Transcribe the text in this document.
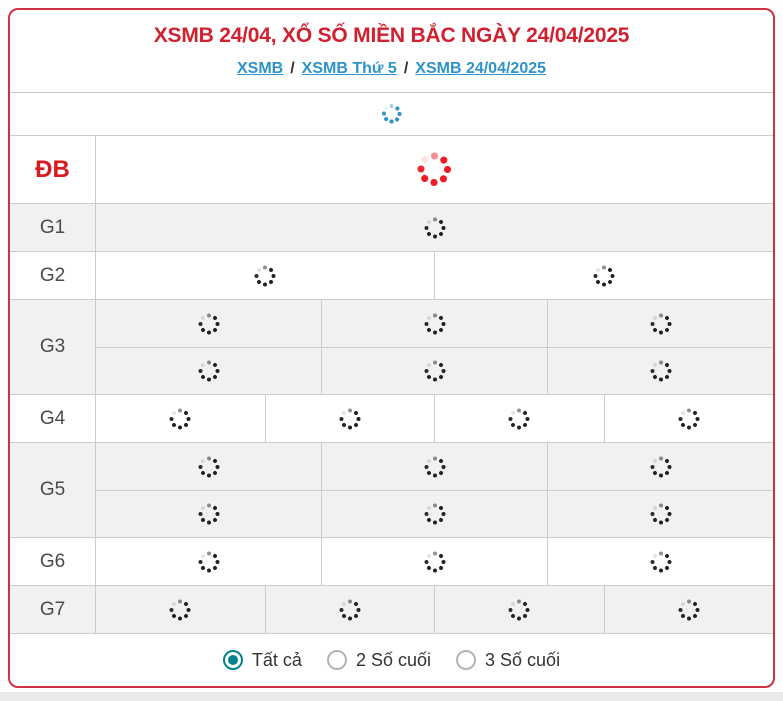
XSMB 24/04, XỔ SỐ MIỀN BẮC NGÀY 24/04/2025
XSMB / XSMB Thứ 5 / XSMB 24/04/2025
ĐB
G1
G2
G3
G4
G5
G6
G7
Tất cả	2 Số cuối	3 Số cuối
